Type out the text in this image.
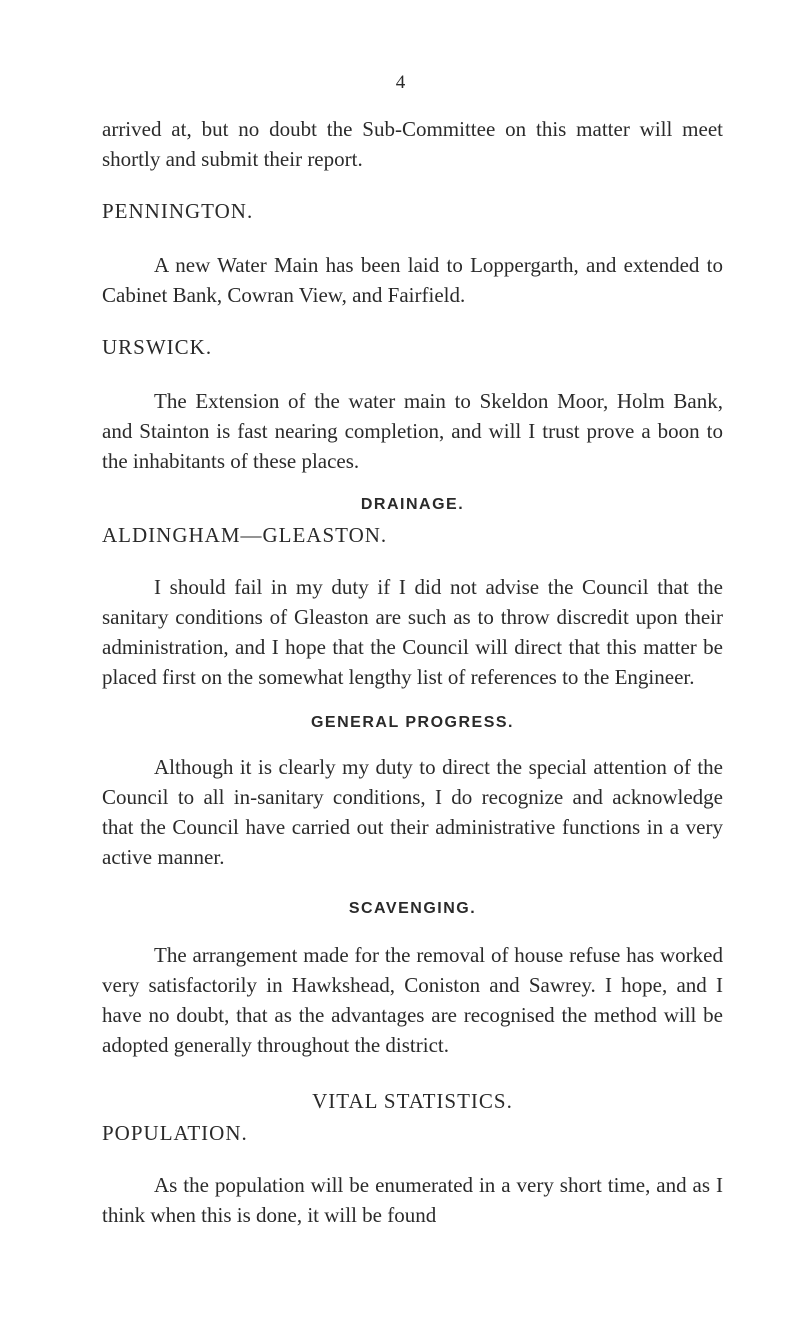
4

arrived at, but no doubt the Sub-Committee on this matter will meet shortly and submit their report.

PENNINGTON.

A new Water Main has been laid to Loppergarth, and extended to Cabinet Bank, Cowran View, and Fairfield.

URSWICK.

The Extension of the water main to Skeldon Moor, Holm Bank, and Stainton is fast nearing completion, and will I trust prove a boon to the inhabitants of these places.

DRAINAGE.

ALDINGHAM—GLEASTON.

I should fail in my duty if I did not advise the Council that the sanitary conditions of Gleaston are such as to throw discredit upon their administration, and I hope that the Council will direct that this matter be placed first on the somewhat lengthy list of references to the Engineer.

GENERAL PROGRESS.

Although it is clearly my duty to direct the special attention of the Council to all in-sanitary conditions, I do recognize and acknowledge that the Council have carried out their administrative functions in a very active manner.

SCAVENGING.

The arrangement made for the removal of house refuse has worked very satisfactorily in Hawkshead, Coniston and Sawrey. I hope, and I have no doubt, that as the advantages are recognised the method will be adopted generally throughout the district.

VITAL STATISTICS.

POPULATION.

As the population will be enumerated in a very short time, and as I think when this is done, it will be found
